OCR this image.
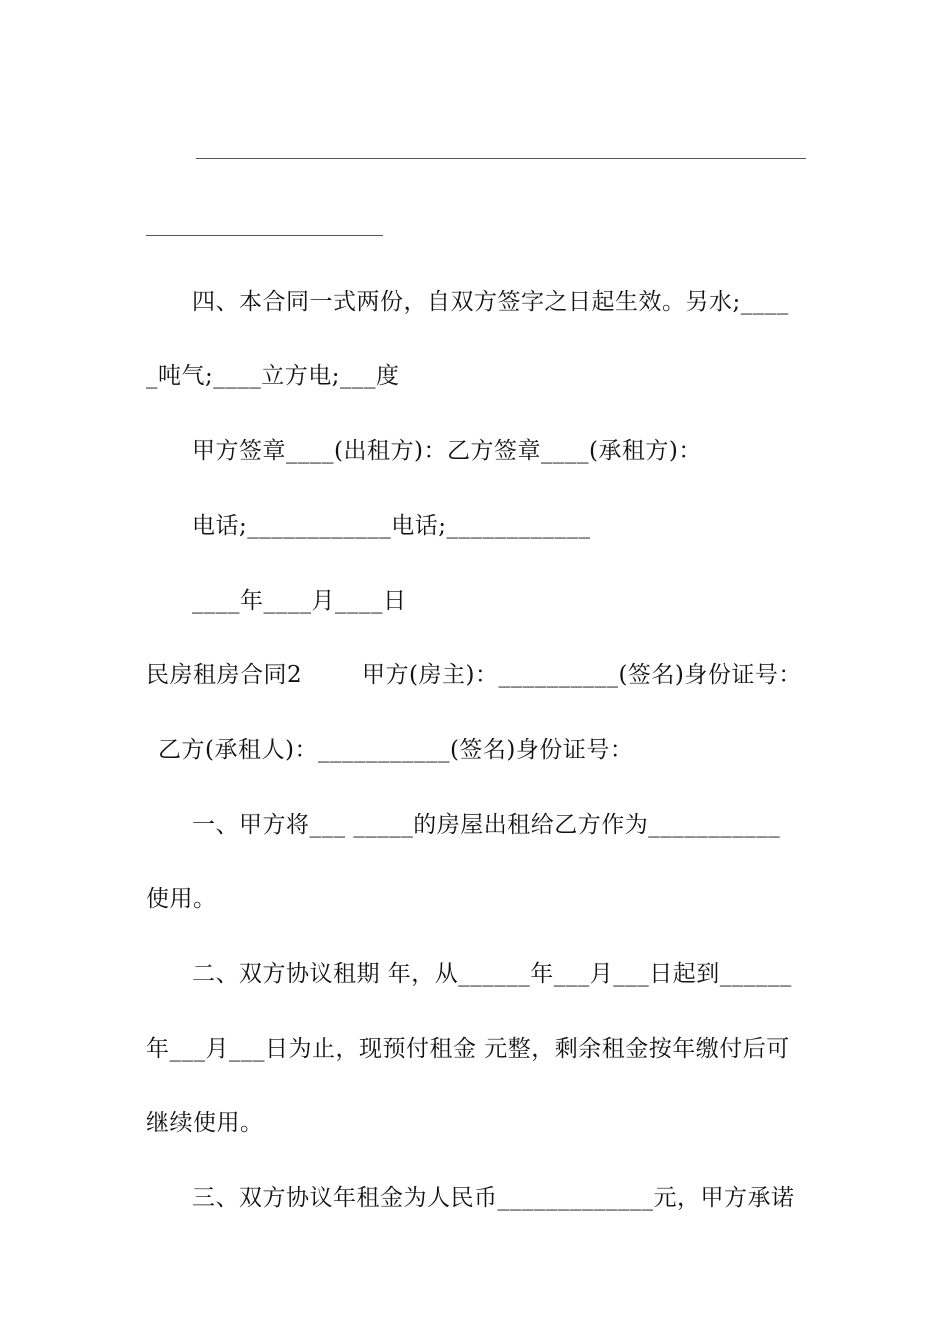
四、本合同一式两份，自双方签字之日起生效。另水;____
_吨气;____立方电;___度
甲方签章____(出租方)：乙方签章____(承租方)：
电话;____________电话;____________
____年____月____日
民房租房合同2	甲方(房主)：__________(签名)身份证号：
乙方(承租人)：___________(签名)身份证号：
一、甲方将___ _____的房屋出租给乙方作为___________
使用。
二、双方协议租期 年，从______年___月___日起到______
年___月___日为止，现预付租金 元整，剩余租金按年缴付后可
继续使用。
三、双方协议年租金为人民币_____________元，甲方承诺
